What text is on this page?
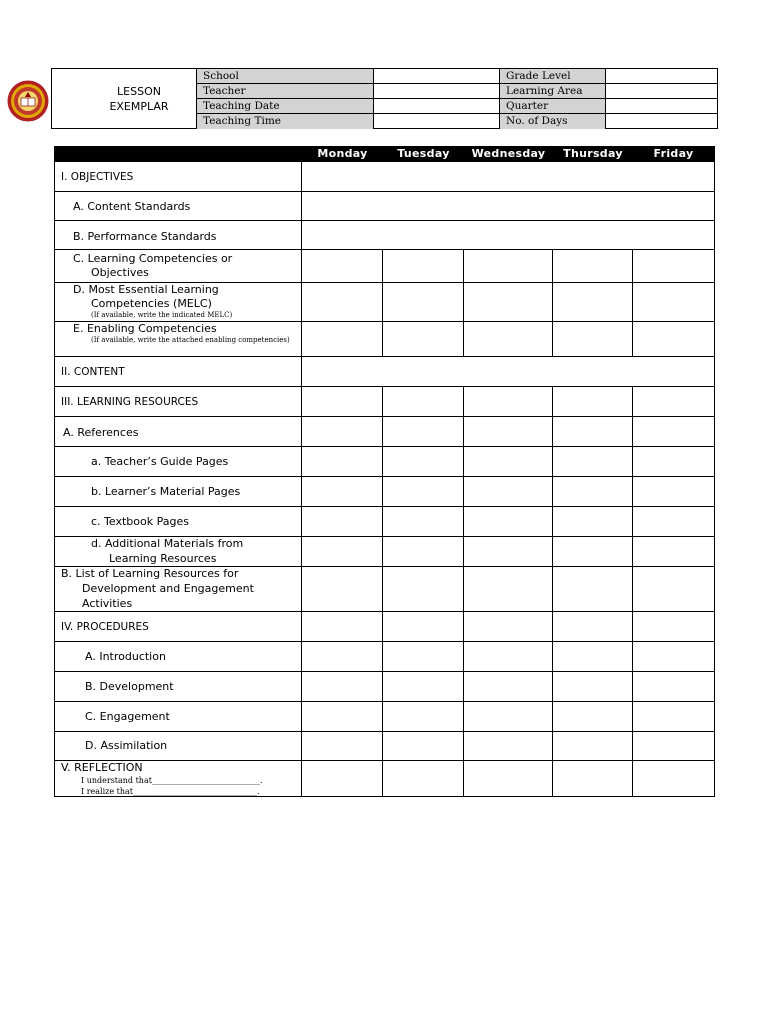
LESSON
EXEMPLAR
School	Grade Level
Teacher	Learning Area
Teaching Date	Quarter
Teaching Time	No. of Days
Monday	Tuesday	Wednesday	Thursday	Friday
I. OBJECTIVES
A. Content Standards
B. Performance Standards
C. Learning Competencies or
Objectives
D. Most Essential Learning
Competencies (MELC)
(If available, write the indicated MELC)
E. Enabling Competencies
(If available, write the attached enabling competencies)
II. CONTENT
III. LEARNING RESOURCES
A. References
a. Teacher’s Guide Pages
b. Learner’s Material Pages
c. Textbook Pages
d. Additional Materials from
Learning Resources
B. List of Learning Resources for
Development and Engagement
Activities
IV. PROCEDURES
A. Introduction
B. Development
C. Engagement
D. Assimilation
V. REFLECTION
I understand that___________________________.
I realize that_______________________________.
